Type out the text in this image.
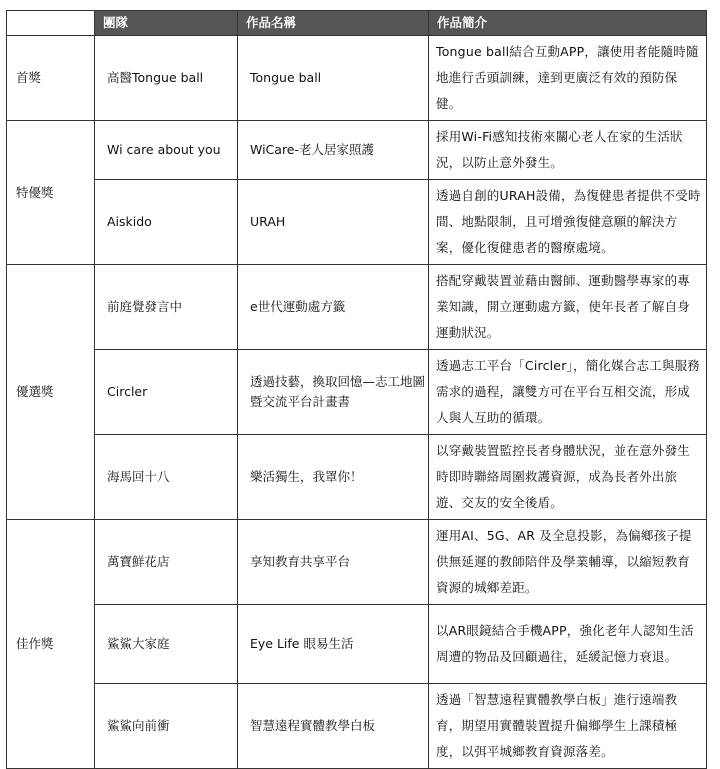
	團隊	作品名稱	作品簡介
首獎	高醫Tongue ball	Tongue ball	Tongue ball結合互動APP，讓使用者能隨時隨地進行舌頭訓練，達到更廣泛有效的預防保健。
特優獎	Wi care about you	WiCare-老人居家照護	採用Wi-Fi感知技術來關心老人在家的生活狀況，以防止意外發生。
	Aiskido	URAH	透過自創的URAH設備，為復健患者提供不受時間、地點限制，且可增強復健意願的解決方案，優化復健患者的醫療處境。
優選獎	前庭覺發言中	e世代運動處方籤	搭配穿戴裝置並藉由醫師、運動醫學專家的專業知識，開立運動處方籤，使年長者了解自身運動狀況。
	Circler	透過技藝，換取回憶—志工地圖暨交流平台計畫書	透過志工平台「Circler」，簡化媒合志工與服務需求的過程，讓雙方可在平台互相交流，形成人與人互助的循環。
	海馬回十八	樂活獨生，我罩你！	以穿戴裝置監控長者身體狀況，並在意外發生時即時聯絡周圍救護資源，成為長者外出旅遊、交友的安全後盾。
佳作獎	萬寶鮮花店	享知教育共享平台	運用AI、5G、AR 及全息投影，為偏鄉孩子提供無延遲的教師陪伴及學業輔導，以縮短教育資源的城鄉差距。
	鯊鯊大家庭	Eye Life 眼易生活	以AR眼鏡結合手機APP，強化老年人認知生活周遭的物品及回顧過往，延緩記憶力衰退。
	鯊鯊向前衝	智慧遠程實體教學白板	透過「智慧遠程實體教學白板」進行遠端教育，期望用實體裝置提升偏鄉學生上課積極度，以弭平城鄉教育資源落差。
